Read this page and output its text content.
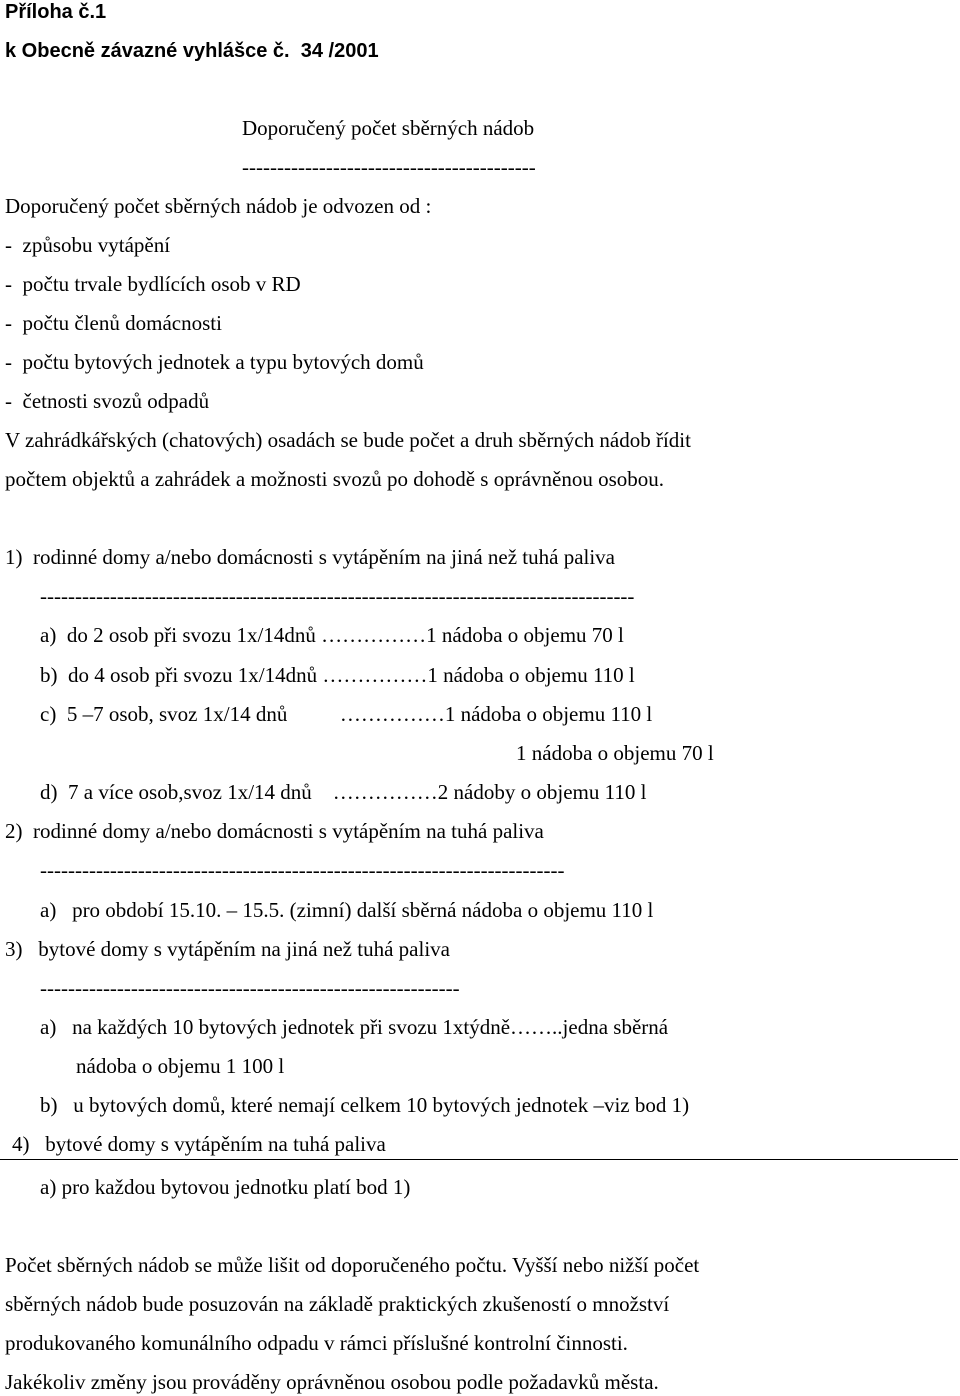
Příloha č.1
k Obecně závazné vyhlášce č.  34 /2001
Doporučený počet sběrných nádob
------------------------------------------
Doporučený počet sběrných nádob je odvozen od :
-  způsobu vytápění
-  počtu trvale bydlících osob v RD
-  počtu členů domácnosti
-  počtu bytových jednotek a typu bytových domů
-  četnosti svozů odpadů
V zahrádkářských (chatových) osadách se bude počet a druh sběrných nádob řídit
počtem objektů a zahrádek a možnosti svozů po dohodě s oprávněnou osobou.
1)  rodinné domy a/nebo domácnosti s vytápěním na jiná než tuhá paliva
-------------------------------------------------------------------------------------
a)  do 2 osob při svozu 1x/14dnů ……………1 nádoba o objemu 70 l
b)  do 4 osob při svozu 1x/14dnů ……………1 nádoba o objemu 110 l
c)  5 –7 osob, svoz 1x/14 dnů          ……………1 nádoba o objemu 110 l
1 nádoba o objemu 70 l
d)  7 a více osob,svoz 1x/14 dnů    ……………2 nádoby o objemu 110 l
2)  rodinné domy a/nebo domácnosti s vytápěním na tuhá paliva
---------------------------------------------------------------------------
a)   pro období 15.10. – 15.5. (zimní) další sběrná nádoba o objemu 110 l
3)   bytové domy s vytápěním na jiná než tuhá paliva
------------------------------------------------------------
a)   na každých 10 bytových jednotek při svozu 1xtýdně……..jedna sběrná
nádoba o objemu 1 100 l
b)   u bytových domů, které nemají celkem 10 bytových jednotek –viz bod 1)
4)   bytové domy s vytápěním na tuhá paliva
a) pro každou bytovou jednotku platí bod 1)
Počet sběrných nádob se může lišit od doporučeného počtu. Vyšší nebo nižší počet
sběrných nádob bude posuzován na základě praktických zkušeností o množství
produkovaného komunálního odpadu v rámci příslušné kontrolní činnosti.
Jakékoliv změny jsou prováděny oprávněnou osobou podle požadavků města.
